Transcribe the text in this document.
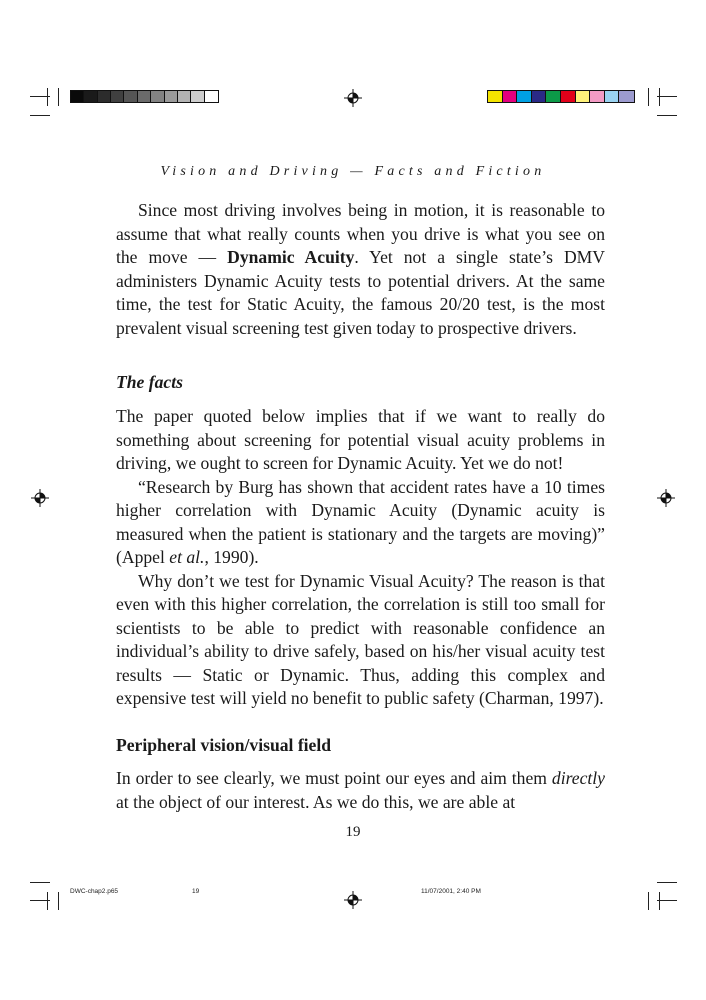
Vision and Driving — Facts and Fiction

Since most driving involves being in motion, it is reasonable to assume that what really counts when you drive is what you see on the move — Dynamic Acuity. Yet not a single state’s DMV administers Dynamic Acuity tests to potential drivers. At the same time, the test for Static Acuity, the famous 20/20 test, is the most prevalent visual screening test given today to prospective drivers.

The facts

The paper quoted below implies that if we want to really do something about screening for potential visual acuity problems in driving, we ought to screen for Dynamic Acuity. Yet we do not!

“Research by Burg has shown that accident rates have a 10 times higher correlation with Dynamic Acuity (Dynamic acuity is measured when the patient is stationary and the targets are moving)” (Appel et al., 1990).

Why don’t we test for Dynamic Visual Acuity? The reason is that even with this higher correlation, the correlation is still too small for scientists to be able to predict with reasonable confidence an individual’s ability to drive safely, based on his/her visual acuity test results — Static or Dynamic. Thus, adding this complex and expensive test will yield no benefit to public safety (Charman, 1997).

Peripheral vision/visual field

In order to see clearly, we must point our eyes and aim them directly at the object of our interest. As we do this, we are able at

19
DWC-chap2.p65	19	11/07/2001, 2:40 PM
